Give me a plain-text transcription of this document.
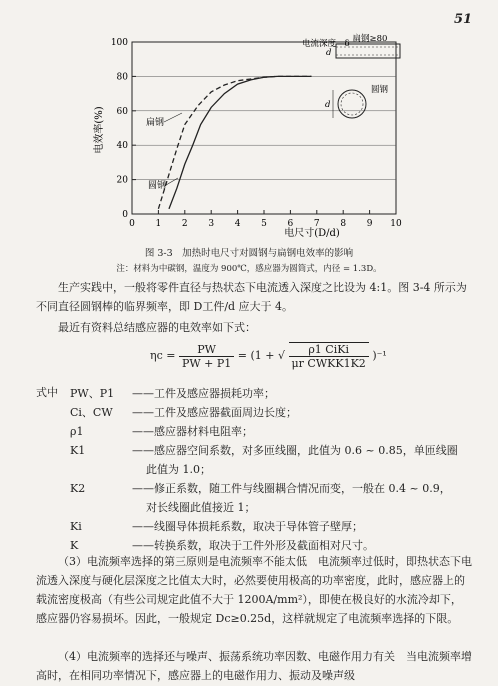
51
0
20
40
60
80
100
0 1 2 3 4 5 6 7 8 9 10
电效率(%)
电尺寸(D/d)
扁钢≥80
电流深度—δ
d
圆钢
d
扁钢
圆钢
图 3-3　加热时电尺寸对圆钢与扁钢电效率的影响
注：材料为中碳钢，温度为 900℃，感应器为圆筒式，内径 = 1.3D。
生产实践中，一般将零件直径与热状态下电流透入深度之比设为 4:1。图 3-4 所示为不同直径圆钢棒的临界频率，即 D工件/d 应大于 4。
最近有资料总结感应器的电效率如下式：
$\eta c = \frac{PW}{PW + P1} = (1$ + √ $\frac{\text{ρ1 CiKi}}{\text{μr CWKK1K2}} )^{-1}$
式中 PW、P1 ——工件及感应器损耗功率；
Ci、CW ——工件及感应器截面周边长度；
ρ1	——感应器材料电阻率；
K1	——感应器空间系数，对多匝线圈，此值为 0.6 ~ 0.85，单匝线圈
此值为 1.0；
K2	——修正系数，随工件与线圈耦合情况而变，一般在 0.4 ~ 0.9，
对长线圈此值接近 1；
Ki	——线圈导体损耗系数，取决于导体管子壁厚；
K	——转换系数，取决于工件外形及截面相对尺寸。
（3）电流频率选择的第三原则是电流频率不能太低　电流频率过低时，即热状态下电流透入深度与硬化层深度之比值太大时，必然要使用极高的功率密度，此时，感应器上的载流密度极高（有些公司规定此值不大于 1200A/mm²），即使在极良好的水流冷却下，感应器仍容易损坏。因此，一般规定 Dc≥0.25d，这样就规定了电流频率选择的下限。
（4）电流频率的选择还与噪声、振荡系统功率因数、电磁作用力有关　当电流频率增高时，在相同功率情况下，感应器上的电磁作用力、振动及噪声级
